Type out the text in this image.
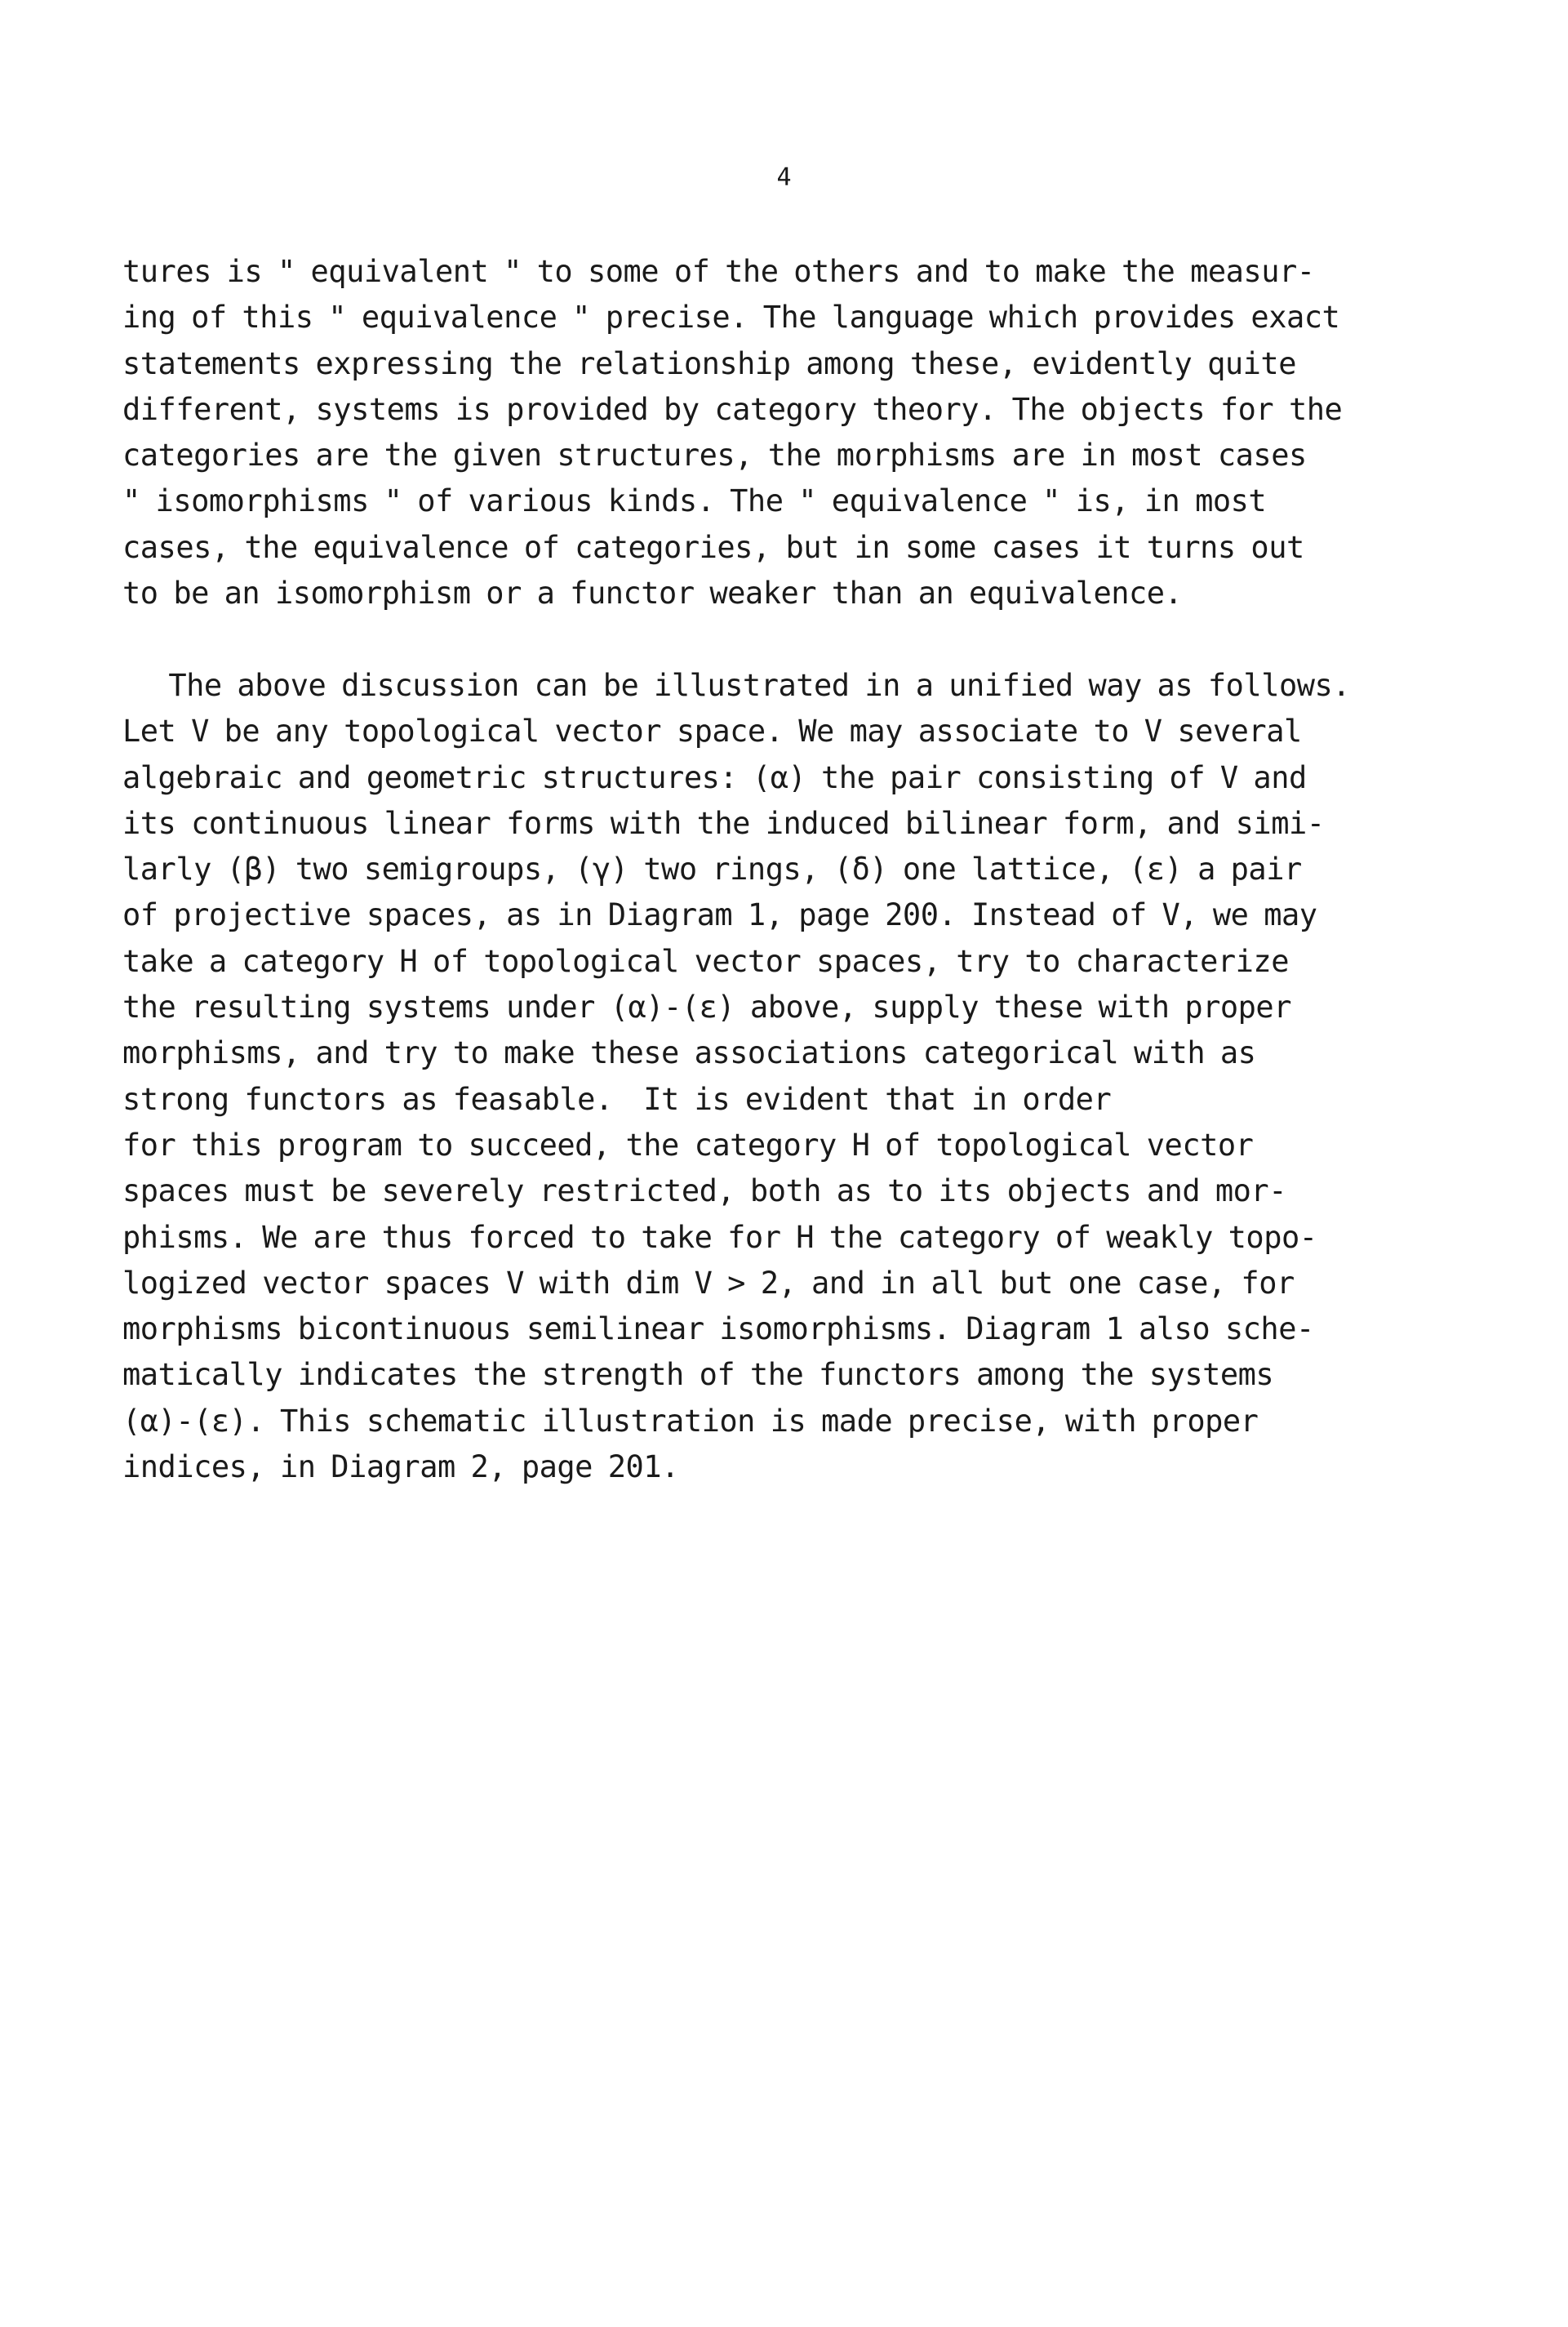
4

tures is " equivalent " to some of the others and to make the measur-
ing of this " equivalence " precise. The language which provides exact
statements expressing the relationship among these, evidently quite
different, systems is provided by category theory. The objects for the
categories are the given structures, the morphisms are in most cases
" isomorphisms " of various kinds. The " equivalence " is, in most
cases, the equivalence of categories, but in some cases it turns out
to be an isomorphism or a functor weaker than an equivalence.
The above discussion can be illustrated in a unified way as follows.
Let V be any topological vector space. We may associate to V several
algebraic and geometric structures: (α) the pair consisting of V and
its continuous linear forms with the induced bilinear form, and simi-
larly (β) two semigroups, (γ) two rings, (δ) one lattice, (ε) a pair
of projective spaces, as in Diagram 1, page 200. Instead of V, we may
take a category H of topological vector spaces, try to characterize
the resulting systems under (α)-(ε) above, supply these with proper
morphisms, and try to make these associations categorical with as
strong functors as feasable.  It is evident that in order
for this program to succeed, the category H of topological vector
spaces must be severely restricted, both as to its objects and mor-
phisms. We are thus forced to take for H the category of weakly topo-
logized vector spaces V with dim V > 2, and in all but one case, for
morphisms bicontinuous semilinear isomorphisms. Diagram 1 also sche-
matically indicates the strength of the functors among the systems
(α)-(ε). This schematic illustration is made precise, with proper
indices, in Diagram 2, page 201.
